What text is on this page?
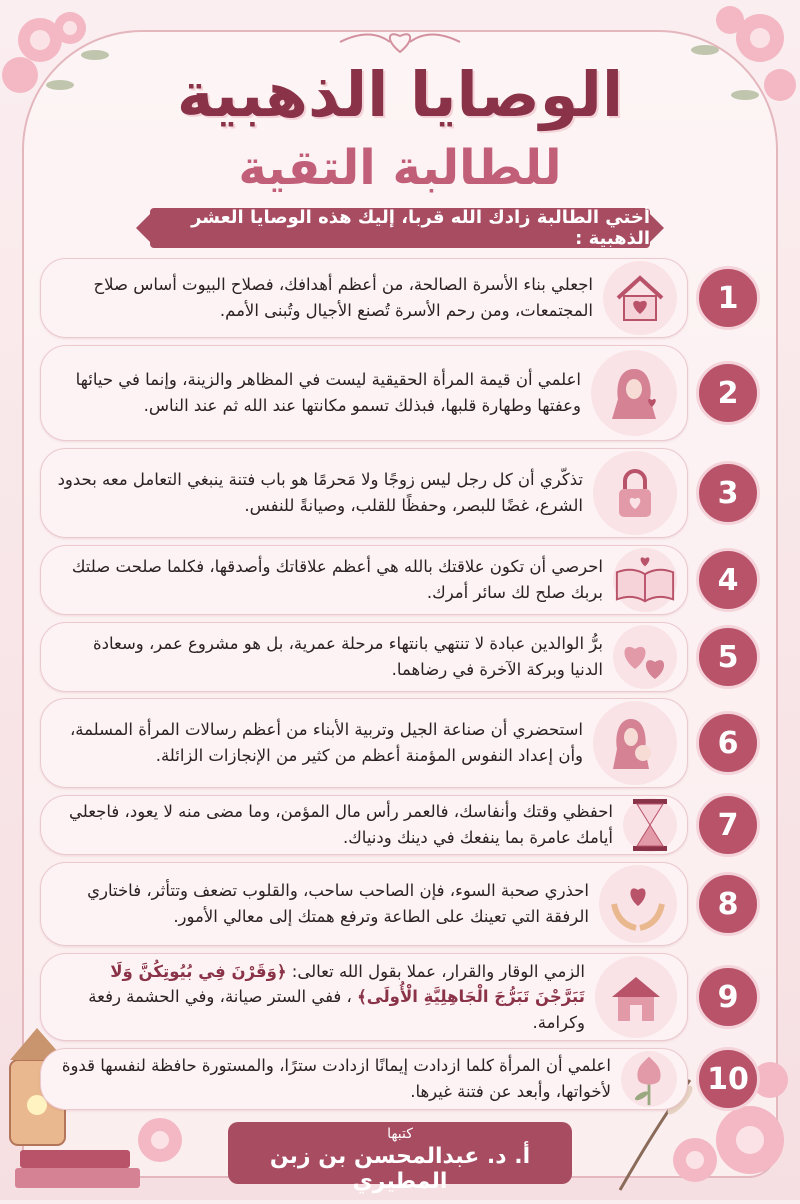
الوصايا الذهبية
للطالبة التقية
أختي الطالبة زادك الله قربا، إليك هذه الوصايا العشر الذهبية :
1
اجعلي بناء الأسرة الصالحة، من أعظم أهدافك، فصلاح البيوت أساس صلاح المجتمعات، ومن رحم الأسرة تُصنع الأجيال وتُبنى الأمم.
2
اعلمي أن قيمة المرأة الحقيقية ليست في المظاهر والزينة، وإنما في حيائها وعفتها وطهارة قلبها، فبذلك تسمو مكانتها عند الله ثم عند الناس.
3
تذكّري أن كل رجل ليس زوجًا ولا مَحرمًا هو باب فتنة ينبغي التعامل معه بحدود الشرع، غضًا للبصر، وحفظًا للقلب، وصيانةً للنفس.
4
احرصي أن تكون علاقتك بالله هي أعظم علاقاتك وأصدقها، فكلما صلحت صلتك بربك صلح لك سائر أمرك.
5
برُّ الوالدين عبادة لا تنتهي بانتهاء مرحلة عمرية، بل هو مشروع عمر، وسعادة الدنيا وبركة الآخرة في رضاهما.
6
استحضري أن صناعة الجيل وتربية الأبناء من أعظم رسالات المرأة المسلمة، وأن إعداد النفوس المؤمنة أعظم من كثير من الإنجازات الزائلة.
7
احفظي وقتك وأنفاسك، فالعمر رأس مال المؤمن، وما مضى منه لا يعود، فاجعلي أيامك عامرة بما ينفعك في دينك ودنياك.
8
احذري صحبة السوء، فإن الصاحب ساحب، والقلوب تضعف وتتأثر، فاختاري الرفقة التي تعينك على الطاعة وترفع همتك إلى معالي الأمور.
9
الزمي الوقار والقرار، عملا بقول الله تعالى: ﴿وَقَرْنَ فِي بُيُوتِكُنَّ وَلَا تَبَرَّجْنَ تَبَرُّجَ الْجَاهِلِيَّةِ الْأُولَى﴾ ، ففي الستر صيانة، وفي الحشمة رفعة وكرامة.
10
اعلمي أن المرأة كلما ازدادت إيمانًا ازدادت سترًا، والمستورة حافظة لنفسها قدوة لأخواتها، وأبعد عن فتنة غيرها.
كتبها
أ. د. عبدالمحسن بن زبن المطيري
